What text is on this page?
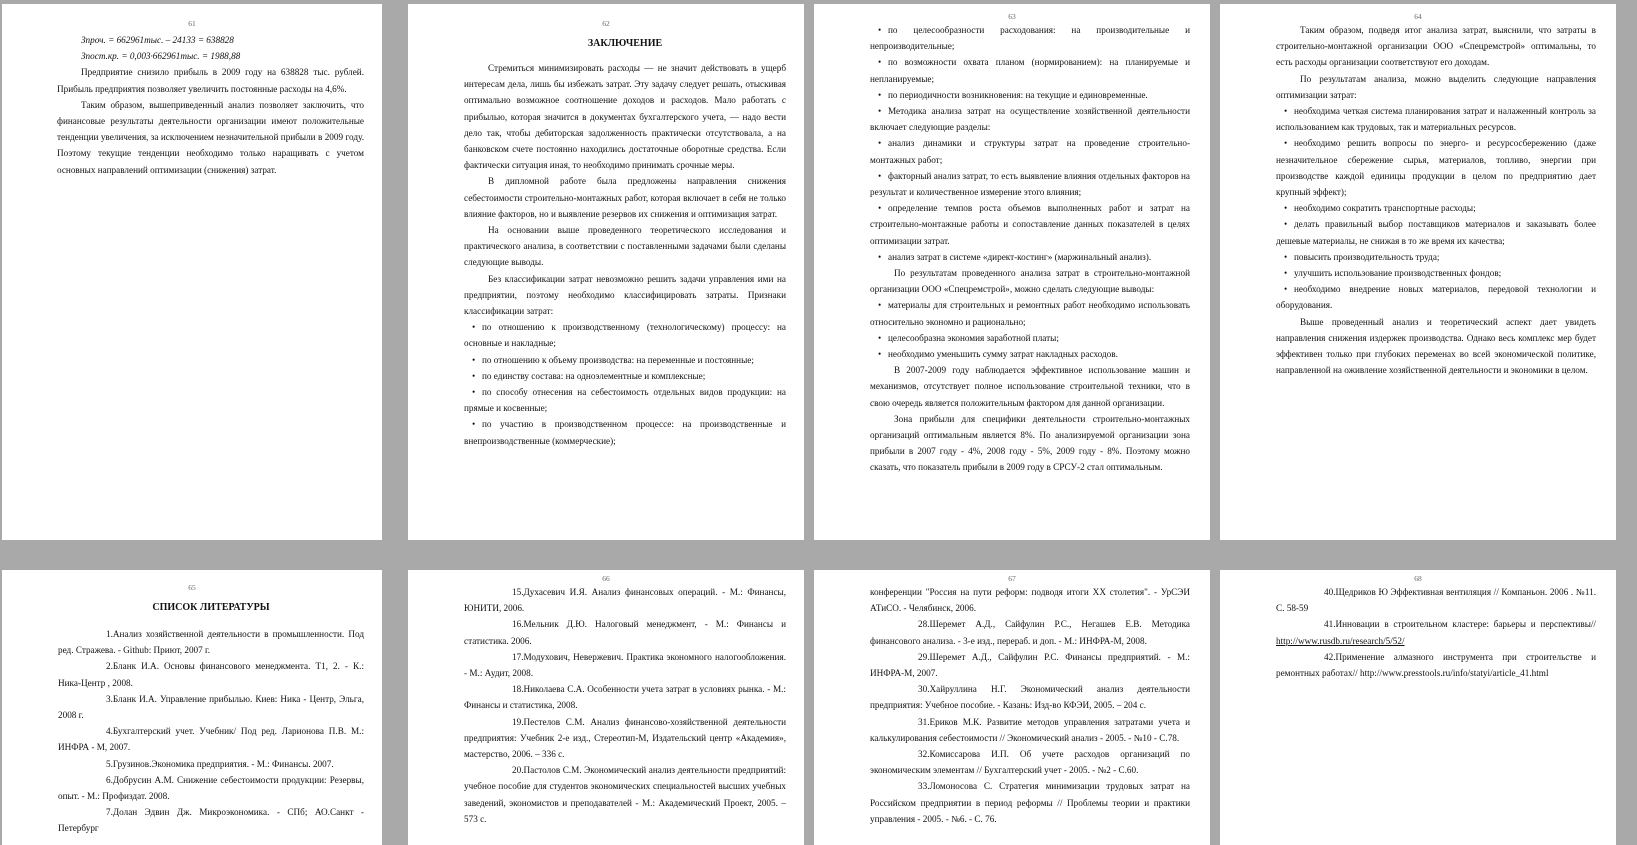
61

Зпроч. = 662961тыс. – 24133 = 638828

Зпост.кр. = 0,003·662961тыс. = 1988,88

Предприятие снизило прибыль в 2009 году на 638828 тыс. рублей. Прибыль предприятия позволяет увеличить постоянные расходы на 4,6%.

Таким образом, вышеприведенный анализ позволяет заключить, что финансовые результаты деятельности организации имеют положительные тенденции увеличения, за исключением незначительной прибыли в 2009 году. Поэтому текущие тенденции необходимо только наращивать с учетом основных направлений оптимизации (снижения) затрат.

62
ЗАКЛЮЧЕНИЕ

Стремиться минимизировать расходы — не значит действовать в ущерб интересам дела, лишь бы избежать затрат. Эту задачу следует решать, отыскивая оптимально возможное соотношение доходов и расходов. Мало работать с прибылью, которая значится в документах бухгалтерского учета, — надо вести дело так, чтобы дебиторская задолженность практически отсутствовала, а на банковском счете постоянно находились достаточные оборотные средства. Если фактически ситуация иная, то необходимо принимать срочные меры.

В дипломной работе была предложены направления снижения себестоимости строительно-монтажных работ, которая включает в себя не только влияние факторов, но и выявление резервов их снижения и оптимизация затрат.

На основании выше проведенного теоретического исследования и практического анализа, в соответствии с поставленными задачами были сделаны следующие выводы.

Без классификации затрат невозможно решить задачи управления ими на предприятии, поэтому необходимо классифицировать затраты. Признаки классификации затрат:

• по отношению к производственному (технологическому) процессу: на основные и накладные;

• по отношению к объему производства: на переменные и постоянные;

• по единству состава: на одноэлементные и комплексные;

• по способу отнесения на себестоимость отдельных видов продукции: на прямые и косвенные;

• по участию в производственном процессе: на производственные и внепроизводственные (коммерческие);

63

• по целесообразности расходования: на производительные и непроизводительные;

• по возможности охвата планом (нормированием): на планируемые и непланируемые;

• по периодичности возникновения: на текущие и единовременные.

• Методика анализа затрат на осуществление хозяйственной деятельности включает следующие разделы:

• анализ динамики и структуры затрат на проведение строительно-монтажных работ;

• факторный анализ затрат, то есть выявление влияния отдельных факторов на результат и количественное измерение этого влияния;

• определение темпов роста объемов выполненных работ и затрат на строительно-монтажные работы и сопоставление данных показателей в целях оптимизации затрат.

• анализ затрат в системе «директ-костинг» (маржинальный анализ).

По результатам проведенного анализа затрат в строительно-монтажной организации ООО «Спецремстрой», можно сделать следующие выводы:

• материалы для строительных и ремонтных работ необходимо использовать относительно экономно и рационально;

• целесообразна экономия заработной платы;

• необходимо уменьшить сумму затрат накладных расходов.

В 2007-2009 году наблюдается эффективное использование машин и механизмов, отсутствует полное использование строительной техники, что в свою очередь является положительным фактором для данной организации.

Зона прибыли для специфики деятельности строительно-монтажных организаций оптимальным является 8%. По анализируемой организации зона прибыли в 2007 году - 4%, 2008 году - 5%, 2009 году - 8%. Поэтому можно сказать, что показатель прибыли в 2009 году в СРСУ-2 стал оптимальным.

64

Таким образом, подведя итог анализа затрат, выяснили, что затраты в строительно-монтажной организации ООО «Спецремстрой» оптимальны, то есть расходы организации соответствуют его доходам.

По результатам анализа, можно выделить следующие направления оптимизации затрат:

• необходима четкая система планирования затрат и налаженный контроль за использованием как трудовых, так и материальных ресурсов.

• необходимо решить вопросы по энерго- и ресурсосбережению (даже незначительное сбережение сырья, материалов, топливо, энергии при производстве каждой единицы продукции в целом по предприятию дает крупный эффект);

• необходимо сократить транспортные расходы;

• делать правильный выбор поставщиков материалов и заказывать более дешевые материалы, не снижая в то же время их качества;

• повысить производительность труда;

• улучшить использование производственных фондов;

• необходимо внедрение новых материалов, передовой технологии и оборудования.

Выше проведенный анализ и теоретический аспект дает увидеть направления снижения издержек производства. Однако весь комплекс мер будет эффективен только при глубоких переменах во всей экономической политике, направленной на оживление хозяйственной деятельности и экономики в целом.

65
СПИСОК ЛИТЕРАТУРЫ

1.Анализ хозяйственной деятельности в промышленности. Под ред. Стражева. - Github: Приют, 2007 г.

2.Бланк И.А. Основы финансового менеджмента. Т1, 2. - К.: Ника-Центр , 2008.

3.Бланк И.А. Управление прибылью. Киев: Ника - Центр, Эльга, 2008 г.

4.Бухгалтерский учет. Учебник/ Под ред. Ларионова П.В. М.: ИНФРА - М, 2007.

5.Грузинов.Экономика предприятия. - М.: Финансы. 2007.

6.Добрусин А.М. Снижение себестоимости продукции: Резервы, опыт. - М.: Профиздат. 2008.

7.Долан Эдвин Дж. Микроэкономика. - СПб; АО.Санкт - Петербург

66

15.Духасевич И.Я. Анализ финансовых операций. - М.: Финансы, ЮНИТИ, 2006.

16.Мельник Д.Ю. Налоговый менеджмент, - М.: Финансы и статистика. 2006.

17.Модухович, Невержевич. Практика экономного налогообложения. - М.: Аудит, 2008.

18.Николаева С.А. Особенности учета затрат в условиях рынка. - М.: Финансы и статистика, 2008.

19.Пестелов С.М. Анализ финансово-хозяйственной деятельности предприятия: Учебник 2-е изд., Стереотип-М, Издательский центр «Академия», мастерство, 2006. – 336 с.

20.Пастолов С.М. Экономический анализ деятельности предприятий: учебное пособие для студентов экономических специальностей высших учебных заведений, экономистов и преподавателей - М.: Академический Проект, 2005. – 573 с.

67

конференции "Россия на пути реформ: подводя итоги XX столетия". - УрСЭИ АТиСО. - Челябинск, 2006.

28.Шеремет А.Д., Сайфулин Р.С., Негашев Е.В. Методика финансового анализа. - 3-е изд., перераб. и доп. - М.: ИНФРА-М, 2008.

29.Шеремет А.Д., Сайфулин Р.С. Финансы предприятий. - М.: ИНФРА-М, 2007.

30.Хайруллина Н.Г. Экономический анализ деятельности предприятия: Учебное пособие. - Казань: Изд-во КФЭИ, 2005. – 204 с.

31.Ериков М.К. Развитие методов управления затратами учета и калькулирования себестоимости // Экономический анализ - 2005. - №10 - С.78.

32.Комиссарова И.П. Об учете расходов организаций по экономическим элементам // Бухгалтерский учет - 2005. - №2 - С.60.

33.Ломоносова С. Стратегия минимизации трудовых затрат на Российском предприятии в период реформы // Проблемы теории и практики управления - 2005. - №6. - С. 76.

68

40.Щедриков Ю Эффективная вентиляция // Компаньон. 2006 . №11. С. 58-59

41.Инновации в строительном кластере: барьеры и перспективы// http://www.rusdb.ru/research/5/52/

42.Применение алмазного инструмента при строительстве и ремонтных работах// http://www.presstools.ru/info/statyi/article_41.html
